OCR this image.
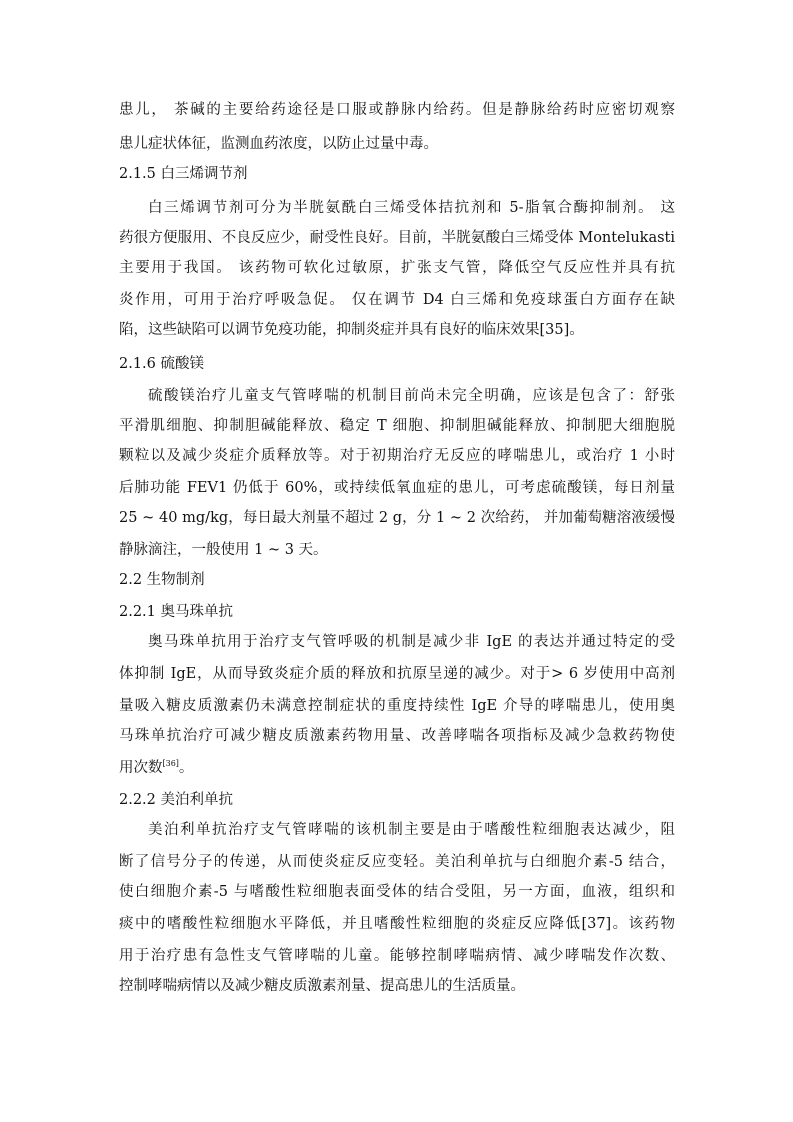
患儿， 茶碱的主要给药途径是口服或静脉内给药。但是静脉给药时应密切观察
患儿症状体征，监测血药浓度，以防止过量中毒。
2.1.5 白三烯调节剂
白三烯调节剂可分为半胱氨酰白三烯受体拮抗剂和 5-脂氧合酶抑制剂。 这
药很方便服用、不良反应少，耐受性良好。目前，半胱氨酸白三烯受体 Montelukasti
主要用于我国。 该药物可软化过敏原，扩张支气管，降低空气反应性并具有抗
炎作用，可用于治疗呼吸急促。 仅在调节 D4 白三烯和免疫球蛋白方面存在缺
陷，这些缺陷可以调节免疫功能，抑制炎症并具有良好的临床效果[35]。
2.1.6 硫酸镁
硫酸镁治疗儿童支气管哮喘的机制目前尚未完全明确，应该是包含了：舒张
平滑肌细胞、抑制胆碱能释放、稳定 T 细胞、抑制胆碱能释放、抑制肥大细胞脱
颗粒以及减少炎症介质释放等。对于初期治疗无反应的哮喘患儿，或治疗 1 小时
后肺功能 FEV1 仍低于 60%，或持续低氧血症的患儿，可考虑硫酸镁，每日剂量
25 ~ 40 mg/kg，每日最大剂量不超过 2 g，分 1 ~ 2 次给药， 并加葡萄糖溶液缓慢
静脉滴注，一般使用 1 ~ 3 天。
2.2 生物制剂
2.2.1 奥马珠单抗
奥马珠单抗用于治疗支气管呼吸的机制是减少非 IgE 的表达并通过特定的受
体抑制 IgE，从而导致炎症介质的释放和抗原呈递的减少。对于> 6 岁使用中高剂
量吸入糖皮质激素仍未满意控制症状的重度持续性 IgE 介导的哮喘患儿，使用奥
马珠单抗治疗可减少糖皮质激素药物用量、改善哮喘各项指标及减少急救药物使
用次数[36]。
2.2.2 美泊利单抗
美泊利单抗治疗支气管哮喘的该机制主要是由于嗜酸性粒细胞表达减少，阻
断了信号分子的传递，从而使炎症反应变轻。美泊利单抗与白细胞介素-5 结合，
使白细胞介素-5 与嗜酸性粒细胞表面受体的结合受阻，另一方面，血液，组织和
痰中的嗜酸性粒细胞水平降低，并且嗜酸性粒细胞的炎症反应降低[37]。该药物
用于治疗患有急性支气管哮喘的儿童。能够控制哮喘病情、减少哮喘发作次数、
控制哮喘病情以及减少糖皮质激素剂量、提高患儿的生活质量。
